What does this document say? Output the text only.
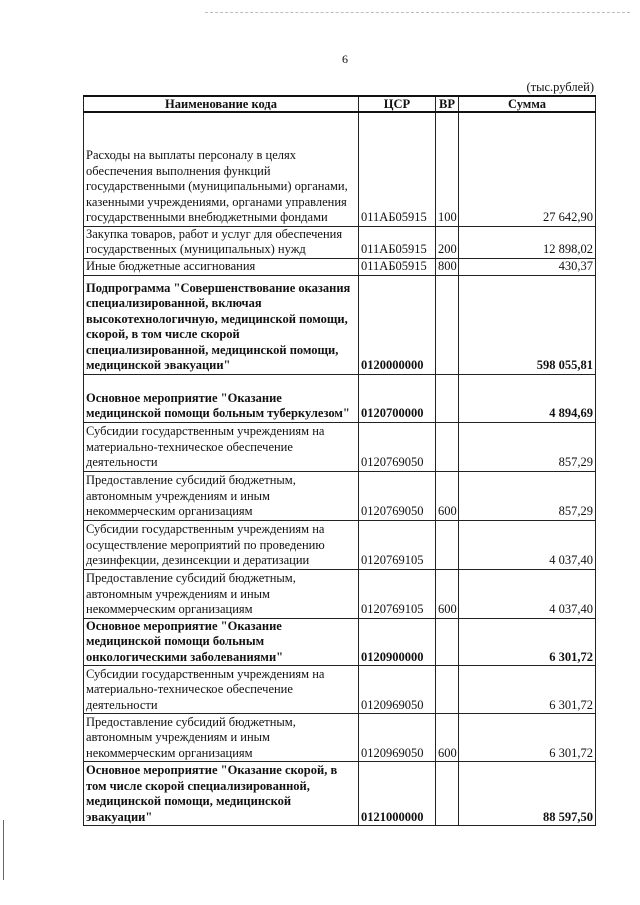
6
(тыс.рублей)
Наименование кода	ЦСР	ВР	Сумма
Расходы на выплаты персоналу в целях обеспечения выполнения функций государственными (муниципальными) органами, казенными учреждениями, органами управления государственными внебюджетными фондами	011АБ05915	100	27 642,90
Закупка товаров, работ и услуг для обеспечения государственных (муниципальных) нужд	011АБ05915	200	12 898,02
Иные бюджетные ассигнования	011АБ05915	800	430,37
Подпрограмма "Совершенствование оказания специализированной, включая высокотехнологичную, медицинской помощи, скорой, в том числе скорой специализированной, медицинской помощи, медицинской эвакуации"	0120000000		598 055,81
Основное мероприятие "Оказание медицинской помощи больным туберкулезом"	0120700000		4 894,69
Субсидии государственным учреждениям на материально-техническое обеспечение деятельности	0120769050		857,29
Предоставление субсидий бюджетным, автономным учреждениям и иным некоммерческим организациям	0120769050	600	857,29
Субсидии государственным учреждениям на осуществление мероприятий по проведению дезинфекции, дезинсекции и дератизации	0120769105		4 037,40
Предоставление субсидий бюджетным, автономным учреждениям и иным некоммерческим организациям	0120769105	600	4 037,40
Основное мероприятие "Оказание медицинской помощи больным онкологическими заболеваниями"	0120900000		6 301,72
Субсидии государственным учреждениям на материально-техническое обеспечение деятельности	0120969050		6 301,72
Предоставление субсидий бюджетным, автономным учреждениям и иным некоммерческим организациям	0120969050	600	6 301,72
Основное мероприятие "Оказание скорой, в том числе скорой специализированной, медицинской помощи, медицинской эвакуации"	0121000000		88 597,50
